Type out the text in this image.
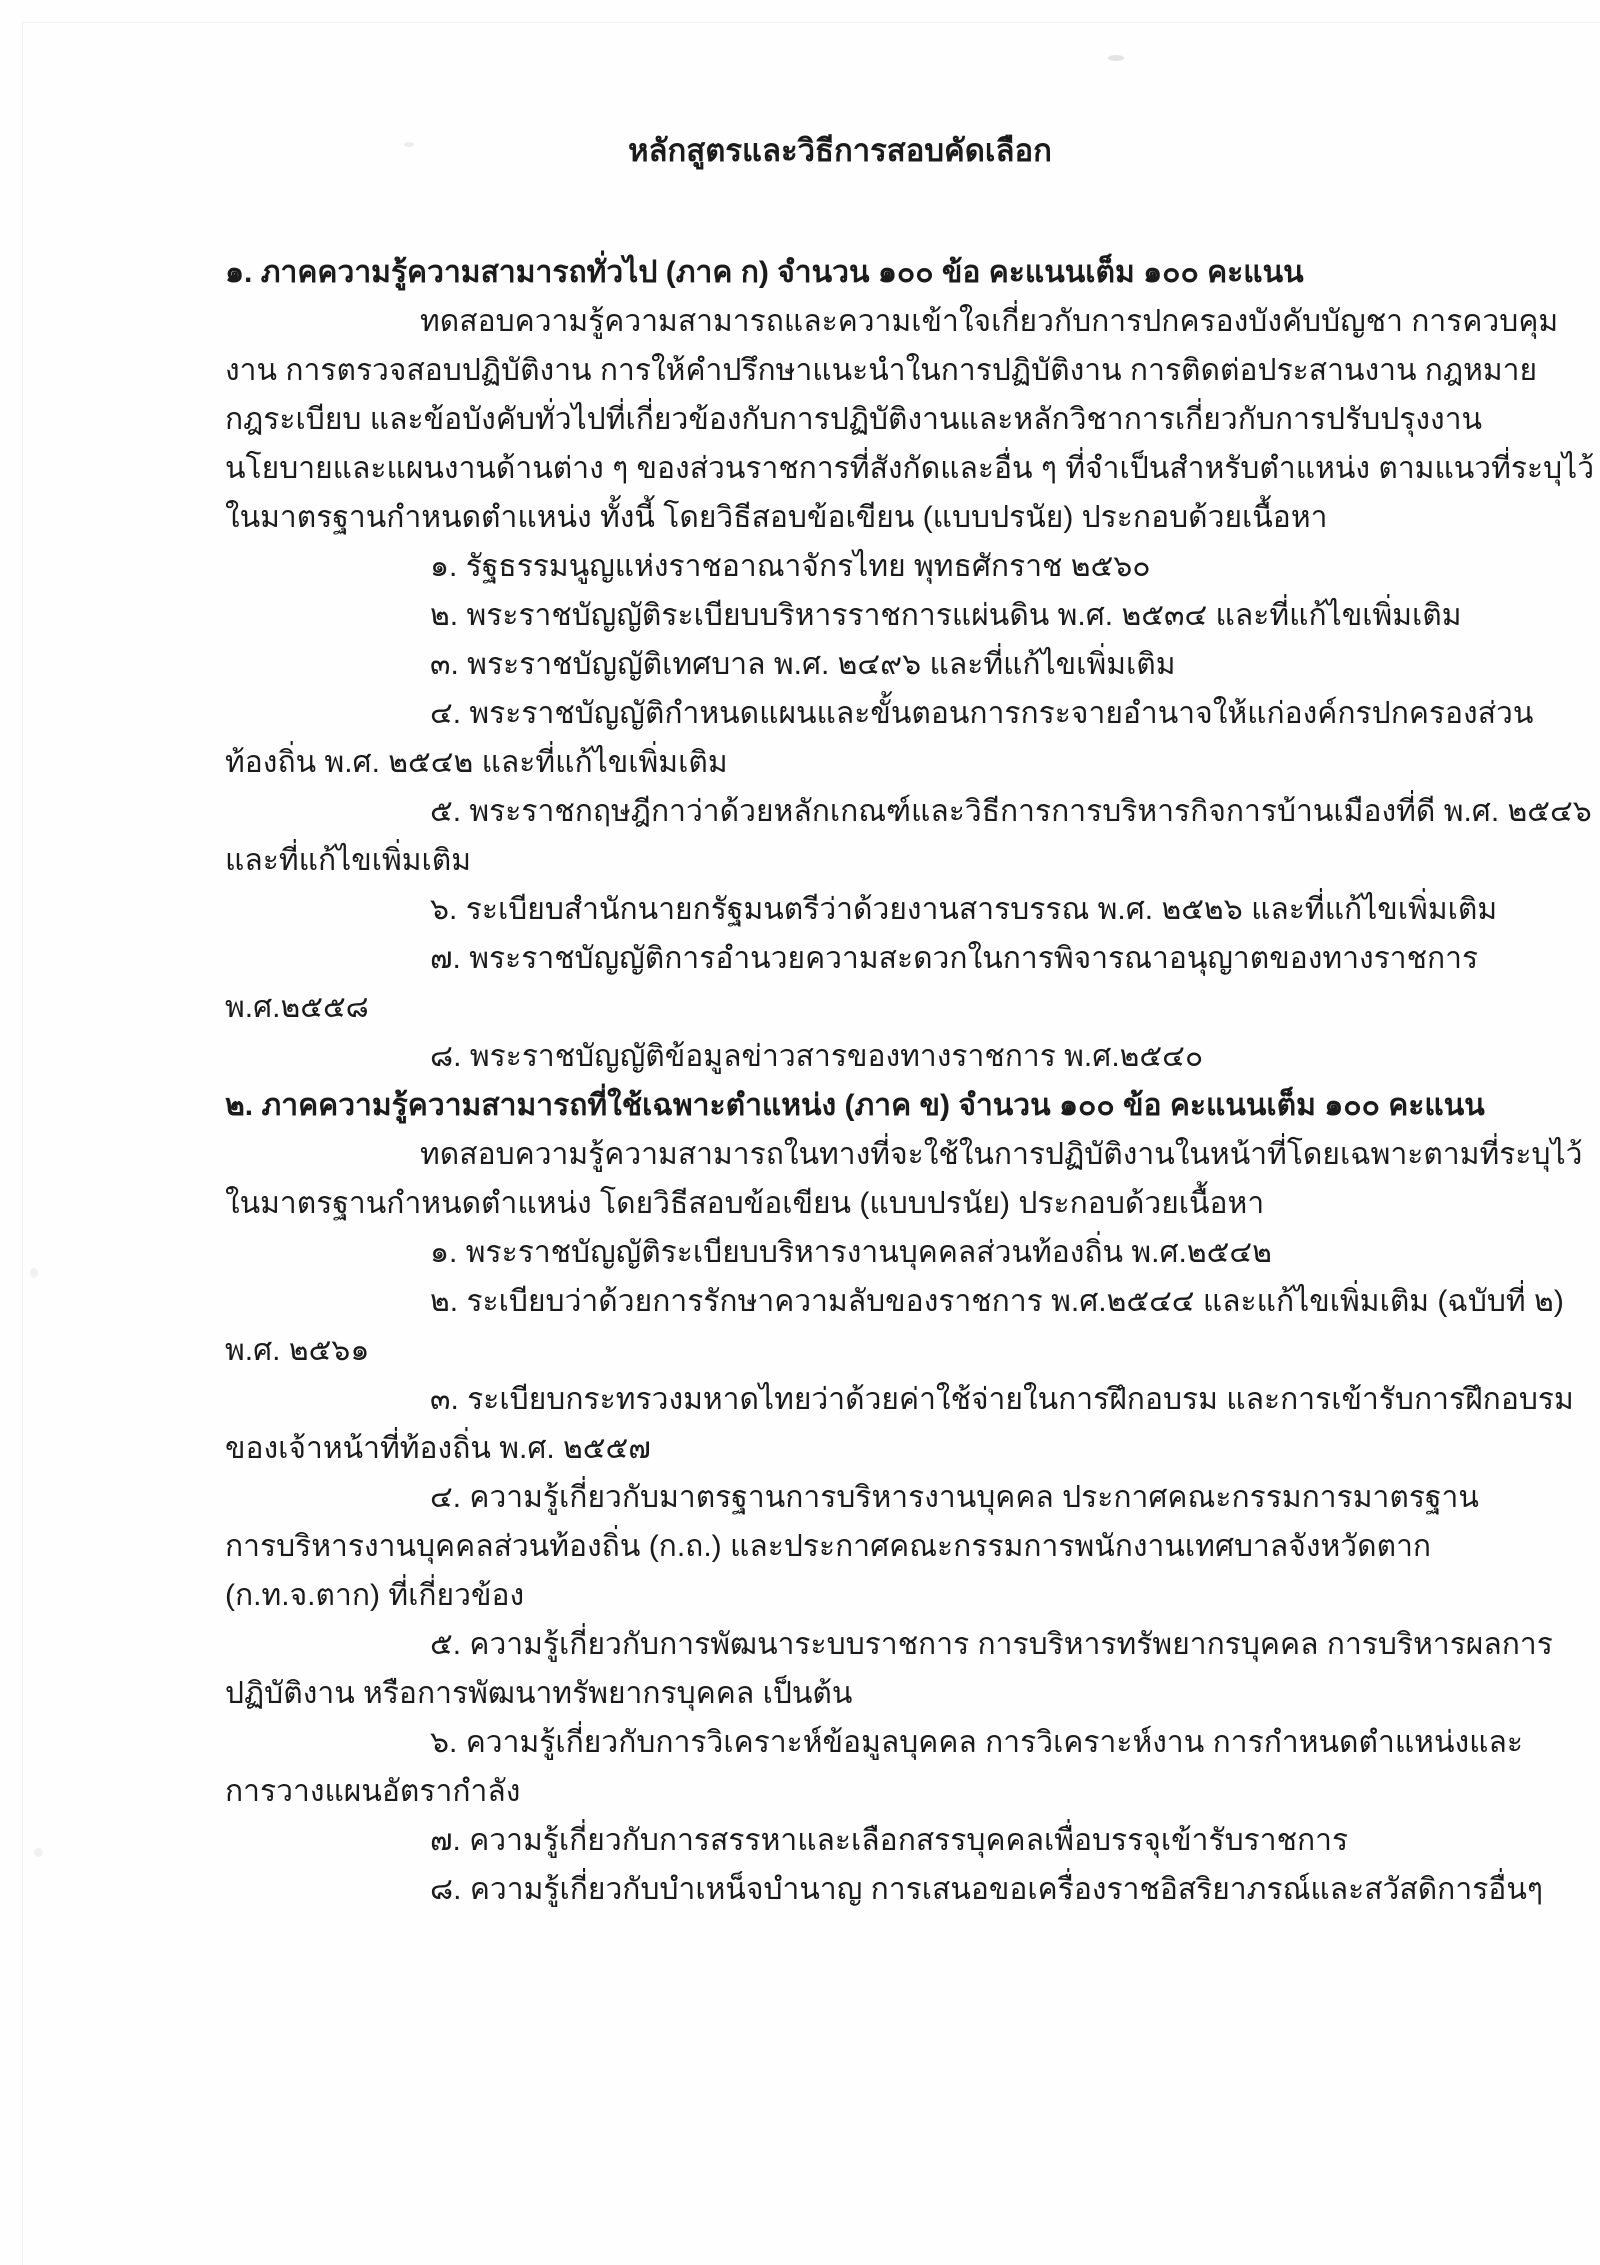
หลักสูตรและวิธีการสอบคัดเลือก
๑. ภาคความรู้ความสามารถทั่วไป (ภาค ก) จำนวน ๑๐๐ ข้อ คะแนนเต็ม ๑๐๐ คะแนน
ทดสอบความรู้ความสามารถและความเข้าใจเกี่ยวกับการปกครองบังคับบัญชา การควบคุม
งาน การตรวจสอบปฏิบัติงาน การให้คำปรึกษาแนะนำในการปฏิบัติงาน การติดต่อประสานงาน กฎหมาย
กฎระเบียบ และข้อบังคับทั่วไปที่เกี่ยวข้องกับการปฏิบัติงานและหลักวิชาการเกี่ยวกับการปรับปรุงงาน
นโยบายและแผนงานด้านต่าง ๆ ของส่วนราชการที่สังกัดและอื่น ๆ ที่จำเป็นสำหรับตำแหน่ง ตามแนวที่ระบุไว้
ในมาตรฐานกำหนดตำแหน่ง ทั้งนี้ โดยวิธีสอบข้อเขียน (แบบปรนัย) ประกอบด้วยเนื้อหา
๑. รัฐธรรมนูญแห่งราชอาณาจักรไทย พุทธศักราช ๒๕๖๐
๒. พระราชบัญญัติระเบียบบริหารราชการแผ่นดิน พ.ศ. ๒๕๓๔ และที่แก้ไขเพิ่มเติม
๓. พระราชบัญญัติเทศบาล พ.ศ. ๒๔๙๖ และที่แก้ไขเพิ่มเติม
๔. พระราชบัญญัติกำหนดแผนและขั้นตอนการกระจายอำนาจให้แก่องค์กรปกครองส่วน
ท้องถิ่น พ.ศ. ๒๕๔๒ และที่แก้ไขเพิ่มเติม
๕. พระราชกฤษฎีกาว่าด้วยหลักเกณฑ์และวิธีการการบริหารกิจการบ้านเมืองที่ดี พ.ศ. ๒๕๔๖
และที่แก้ไขเพิ่มเติม
๖. ระเบียบสำนักนายกรัฐมนตรีว่าด้วยงานสารบรรณ พ.ศ. ๒๕๒๖ และที่แก้ไขเพิ่มเติม
๗. พระราชบัญญัติการอำนวยความสะดวกในการพิจารณาอนุญาตของทางราชการ
พ.ศ.๒๕๕๘
๘. พระราชบัญญัติข้อมูลข่าวสารของทางราชการ พ.ศ.๒๕๔๐
๒. ภาคความรู้ความสามารถที่ใช้เฉพาะตำแหน่ง (ภาค ข) จำนวน ๑๐๐ ข้อ คะแนนเต็ม ๑๐๐ คะแนน
ทดสอบความรู้ความสามารถในทางที่จะใช้ในการปฏิบัติงานในหน้าที่โดยเฉพาะตามที่ระบุไว้
ในมาตรฐานกำหนดตำแหน่ง โดยวิธีสอบข้อเขียน (แบบปรนัย) ประกอบด้วยเนื้อหา
๑. พระราชบัญญัติระเบียบบริหารงานบุคคลส่วนท้องถิ่น พ.ศ.๒๕๔๒
๒. ระเบียบว่าด้วยการรักษาความลับของราชการ พ.ศ.๒๕๔๔ และแก้ไขเพิ่มเติม (ฉบับที่ ๒)
พ.ศ. ๒๕๖๑
๓. ระเบียบกระทรวงมหาดไทยว่าด้วยค่าใช้จ่ายในการฝึกอบรม และการเข้ารับการฝึกอบรม
ของเจ้าหน้าที่ท้องถิ่น พ.ศ. ๒๕๕๗
๔. ความรู้เกี่ยวกับมาตรฐานการบริหารงานบุคคล ประกาศคณะกรรมการมาตรฐาน
การบริหารงานบุคคลส่วนท้องถิ่น (ก.ถ.) และประกาศคณะกรรมการพนักงานเทศบาลจังหวัดตาก
(ก.ท.จ.ตาก) ที่เกี่ยวข้อง
๕. ความรู้เกี่ยวกับการพัฒนาระบบราชการ การบริหารทรัพยากรบุคคล การบริหารผลการ
ปฏิบัติงาน หรือการพัฒนาทรัพยากรบุคคล เป็นต้น
๖. ความรู้เกี่ยวกับการวิเคราะห์ข้อมูลบุคคล การวิเคราะห์งาน การกำหนดตำแหน่งและ
การวางแผนอัตรากำลัง
๗. ความรู้เกี่ยวกับการสรรหาและเลือกสรรบุคคลเพื่อบรรจุเข้ารับราชการ
๘. ความรู้เกี่ยวกับบำเหน็จบำนาญ การเสนอขอเครื่องราชอิสริยาภรณ์และสวัสดิการอื่นๆ
